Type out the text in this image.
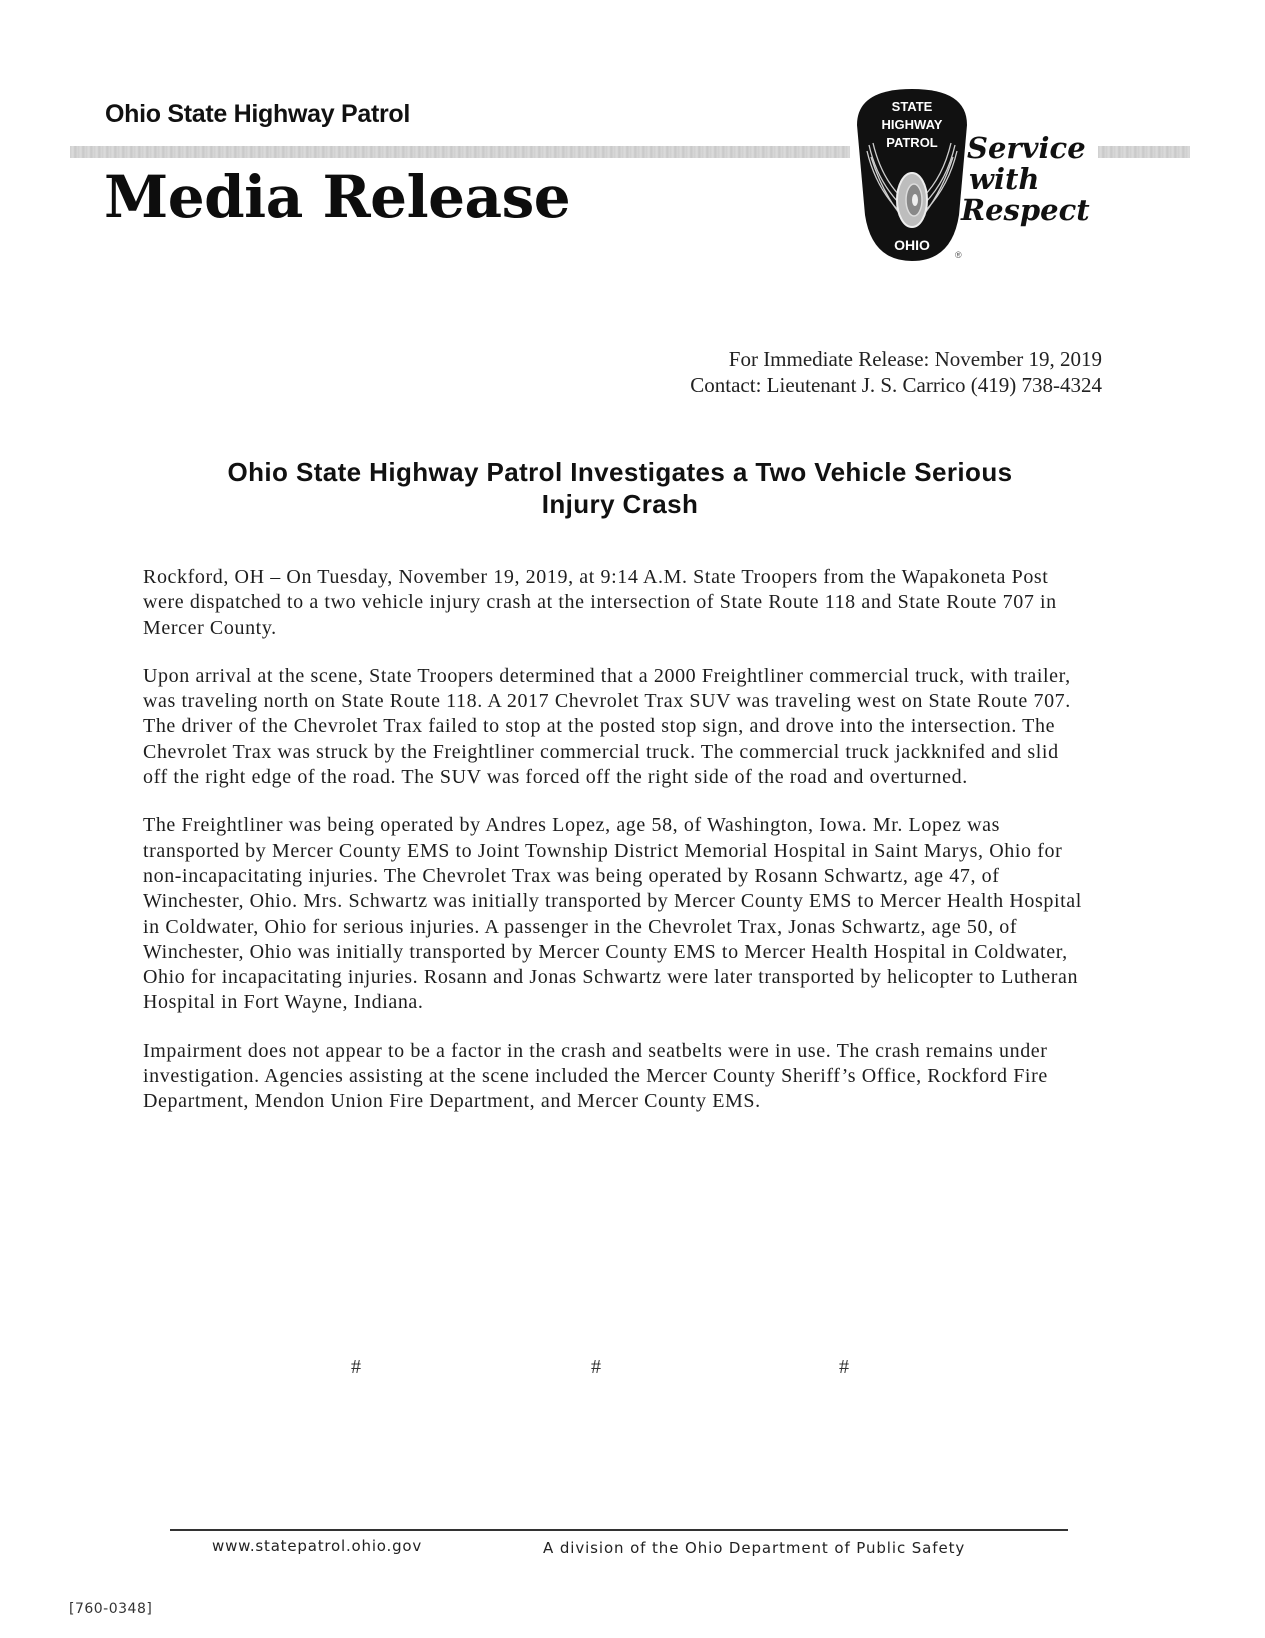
Ohio State Highway Patrol
Media Release
STATE
HIGHWAY
PATROL
OHIO
®
Service
with
Respect
For Immediate Release: November 19, 2019
Contact: Lieutenant J. S. Carrico (419) 738-4324
Ohio State Highway Patrol Investigates a Two Vehicle Serious
Injury Crash

Rockford, OH – On Tuesday, November 19, 2019, at 9:14 A.M. State Troopers from the Wapakoneta Post were dispatched to a two vehicle injury crash at the intersection of State Route 118 and State Route 707 in Mercer County.

Upon arrival at the scene, State Troopers determined that a 2000 Freightliner commercial truck, with trailer, was traveling north on State Route 118. A 2017 Chevrolet Trax SUV was traveling west on State Route 707. The driver of the Chevrolet Trax failed to stop at the posted stop sign, and drove into the intersection. The Chevrolet Trax was struck by the Freightliner commercial truck. The commercial truck jackknifed and slid off the right edge of the road. The SUV was forced off the right side of the road and overturned.

The Freightliner was being operated by Andres Lopez, age 58, of Washington, Iowa. Mr. Lopez was transported by Mercer County EMS to Joint Township District Memorial Hospital in Saint Marys, Ohio for non-incapacitating injuries. The Chevrolet Trax was being operated by Rosann Schwartz, age 47, of Winchester, Ohio. Mrs. Schwartz was initially transported by Mercer County EMS to Mercer Health Hospital in Coldwater, Ohio for serious injuries. A passenger in the Chevrolet Trax, Jonas Schwartz, age 50, of Winchester, Ohio was initially transported by Mercer County EMS to Mercer Health Hospital in Coldwater, Ohio for incapacitating injuries. Rosann and Jonas Schwartz were later transported by helicopter to Lutheran Hospital in Fort Wayne, Indiana.

Impairment does not appear to be a factor in the crash and seatbelts were in use. The crash remains under investigation. Agencies assisting at the scene included the Mercer County Sheriff’s Office, Rockford Fire Department, Mendon Union Fire Department, and Mercer County EMS.

#	#	#
www.statepatrol.ohio.gov	A division of the Ohio Department of Public Safety
[760-0348]
